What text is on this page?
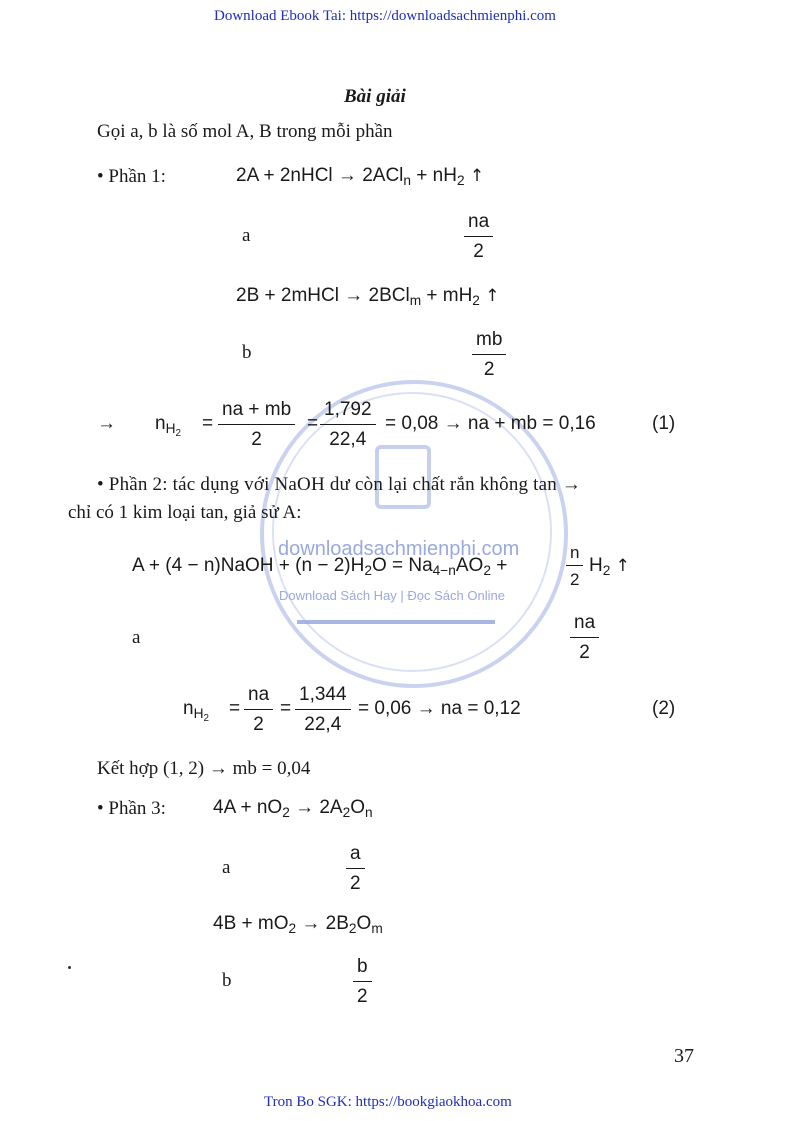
Download Ebook Tai: https://downloadsachmienphi.com
Tron Bo SGK: https://bookgiaokhoa.com
37
downloadsachmienphi.com
Download Sách Hay | Đọc Sách Online
Bài giải
Gọi a, b là số mol A, B trong mỗi phần
• Phần 1:	2A + 2nHCl → $2ACl_n + nH_2$ ↑
a	$\frac{na}{2}$
2B + 2mHCl → $2BCl_m + mH_2$ ↑
b	$\frac{mb}{2}$
→ $n_{H_2} = \frac{na + mb}{2} = \frac{1,792}{22,4} = 0,08$ → na + mb = 0,16	(1)
• Phần 2: tác dụng với NaOH dư còn lại chất rắn không tan →
chỉ có 1 kim loại tan, giả sử A:
A + (4 − n)NaOH + $(n - 2)H_2O = Na_{4-n}AO_2$ +	$\frac{n}{2} H_2$ ↑
a	$\frac{na}{2}$
$n_{H_2} = \frac{na}{2} = \frac{1,344}{22,4} = 0,06$ → na = 0,12	(2)
Kết hợp (1, 2) → mb = 0,04
• Phần 3: $4A + nO_2 \to 2A_2O_n$
a	$\frac{a}{2}$
$4B + mO_2 \to 2B_2O_m$
b	$\frac{b}{2}$
